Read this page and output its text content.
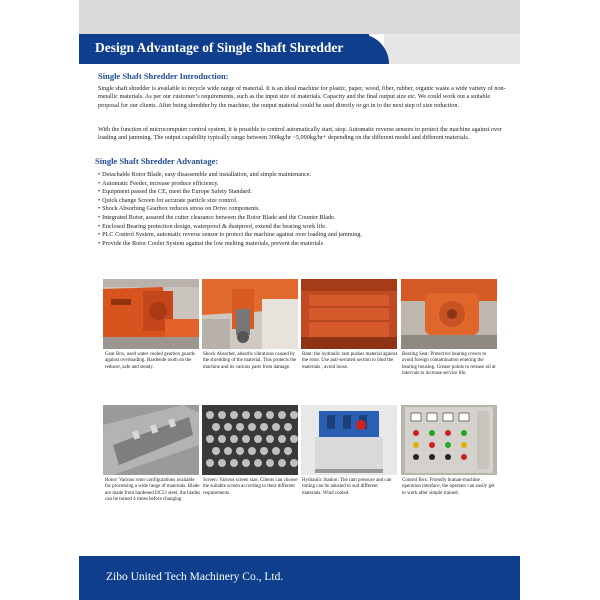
Design Advantage of Single Shaft Shredder
Single Shaft Shredder Introduction:
Single shaft shredder is available to recycle wide range of material. It is an ideal machine for plastic, paper, wood, fiber, rubber, organic waste a wide variety of non-metallic materials. As per our customer’s requirements, such as the input size of materials. Capacity and the final output size etc. We could work out a suitable proposal for our clients. After being shredder by the machine, the output material could be used directly or go in to the next step of size reduction.
With the function of microcomputer control system, it is possible to control automatically start, stop. Automatic reverse sensors to protect the machine against over loading and jamming. The output capability typically range between 300kg/hr ~5,000kg/hr+ depending on the different model and different materials.
Single Shaft Shredder Advantage:
• Detachable Rotor Blade, easy disassemble and installation, and simple maintenance.
• Automatic Feeder, increase produce efficiency.
• Equipment passed the CE, meet the Europe Safety Standard.
• Quick change Screen for accurate particle size control.
• Shock Absorbing Gearbox reduces stress on Drive components.
• Integrated Rotor, assured the cutter clearance between the Rotor Blade and the Counter Blade.
• Enclosed Bearing protection design, waterproof & dustproof, extend the bearing work life.
• PLC Control System, automatic reverse sensor to protect the machine against over loading and jamming.
• Provide the Rotor Cooler System against the low melting materials, prevent the materials
Gear Box, used water cooled gearbox guards against overloading. Hardende tooth on the reducer, safe and steady.
Shock Absorber, absorbs vibrations caused by the shredding of the material. This protects the machine and its various parts from damage.
Ram: the hydraulic ram pushes material against the rotor. Use anti-serrated section to bind the materials , avoid loose.
Bearing Seat: Protective bearing covers to avoid foreign contamination entering the bearing housing. Grease points to release oil at intervals to increase service life.
Rotor: Various rotor configurations available for processing a wide range of materials. Blade are made from hardened DC53 steel, the blades can be turned 4 times before changing
Screen: Various screen size. Clients can choose the suitable screen according to their different requirements.
Hydraulic Station: The ram pressure and can timing can be adusted to suit different materials. Wind cooled.
Control Box: Friendly human-machine . operation interface, the operator can easily get to work after simple trained.
Zibo United Tech Machinery Co., Ltd.
